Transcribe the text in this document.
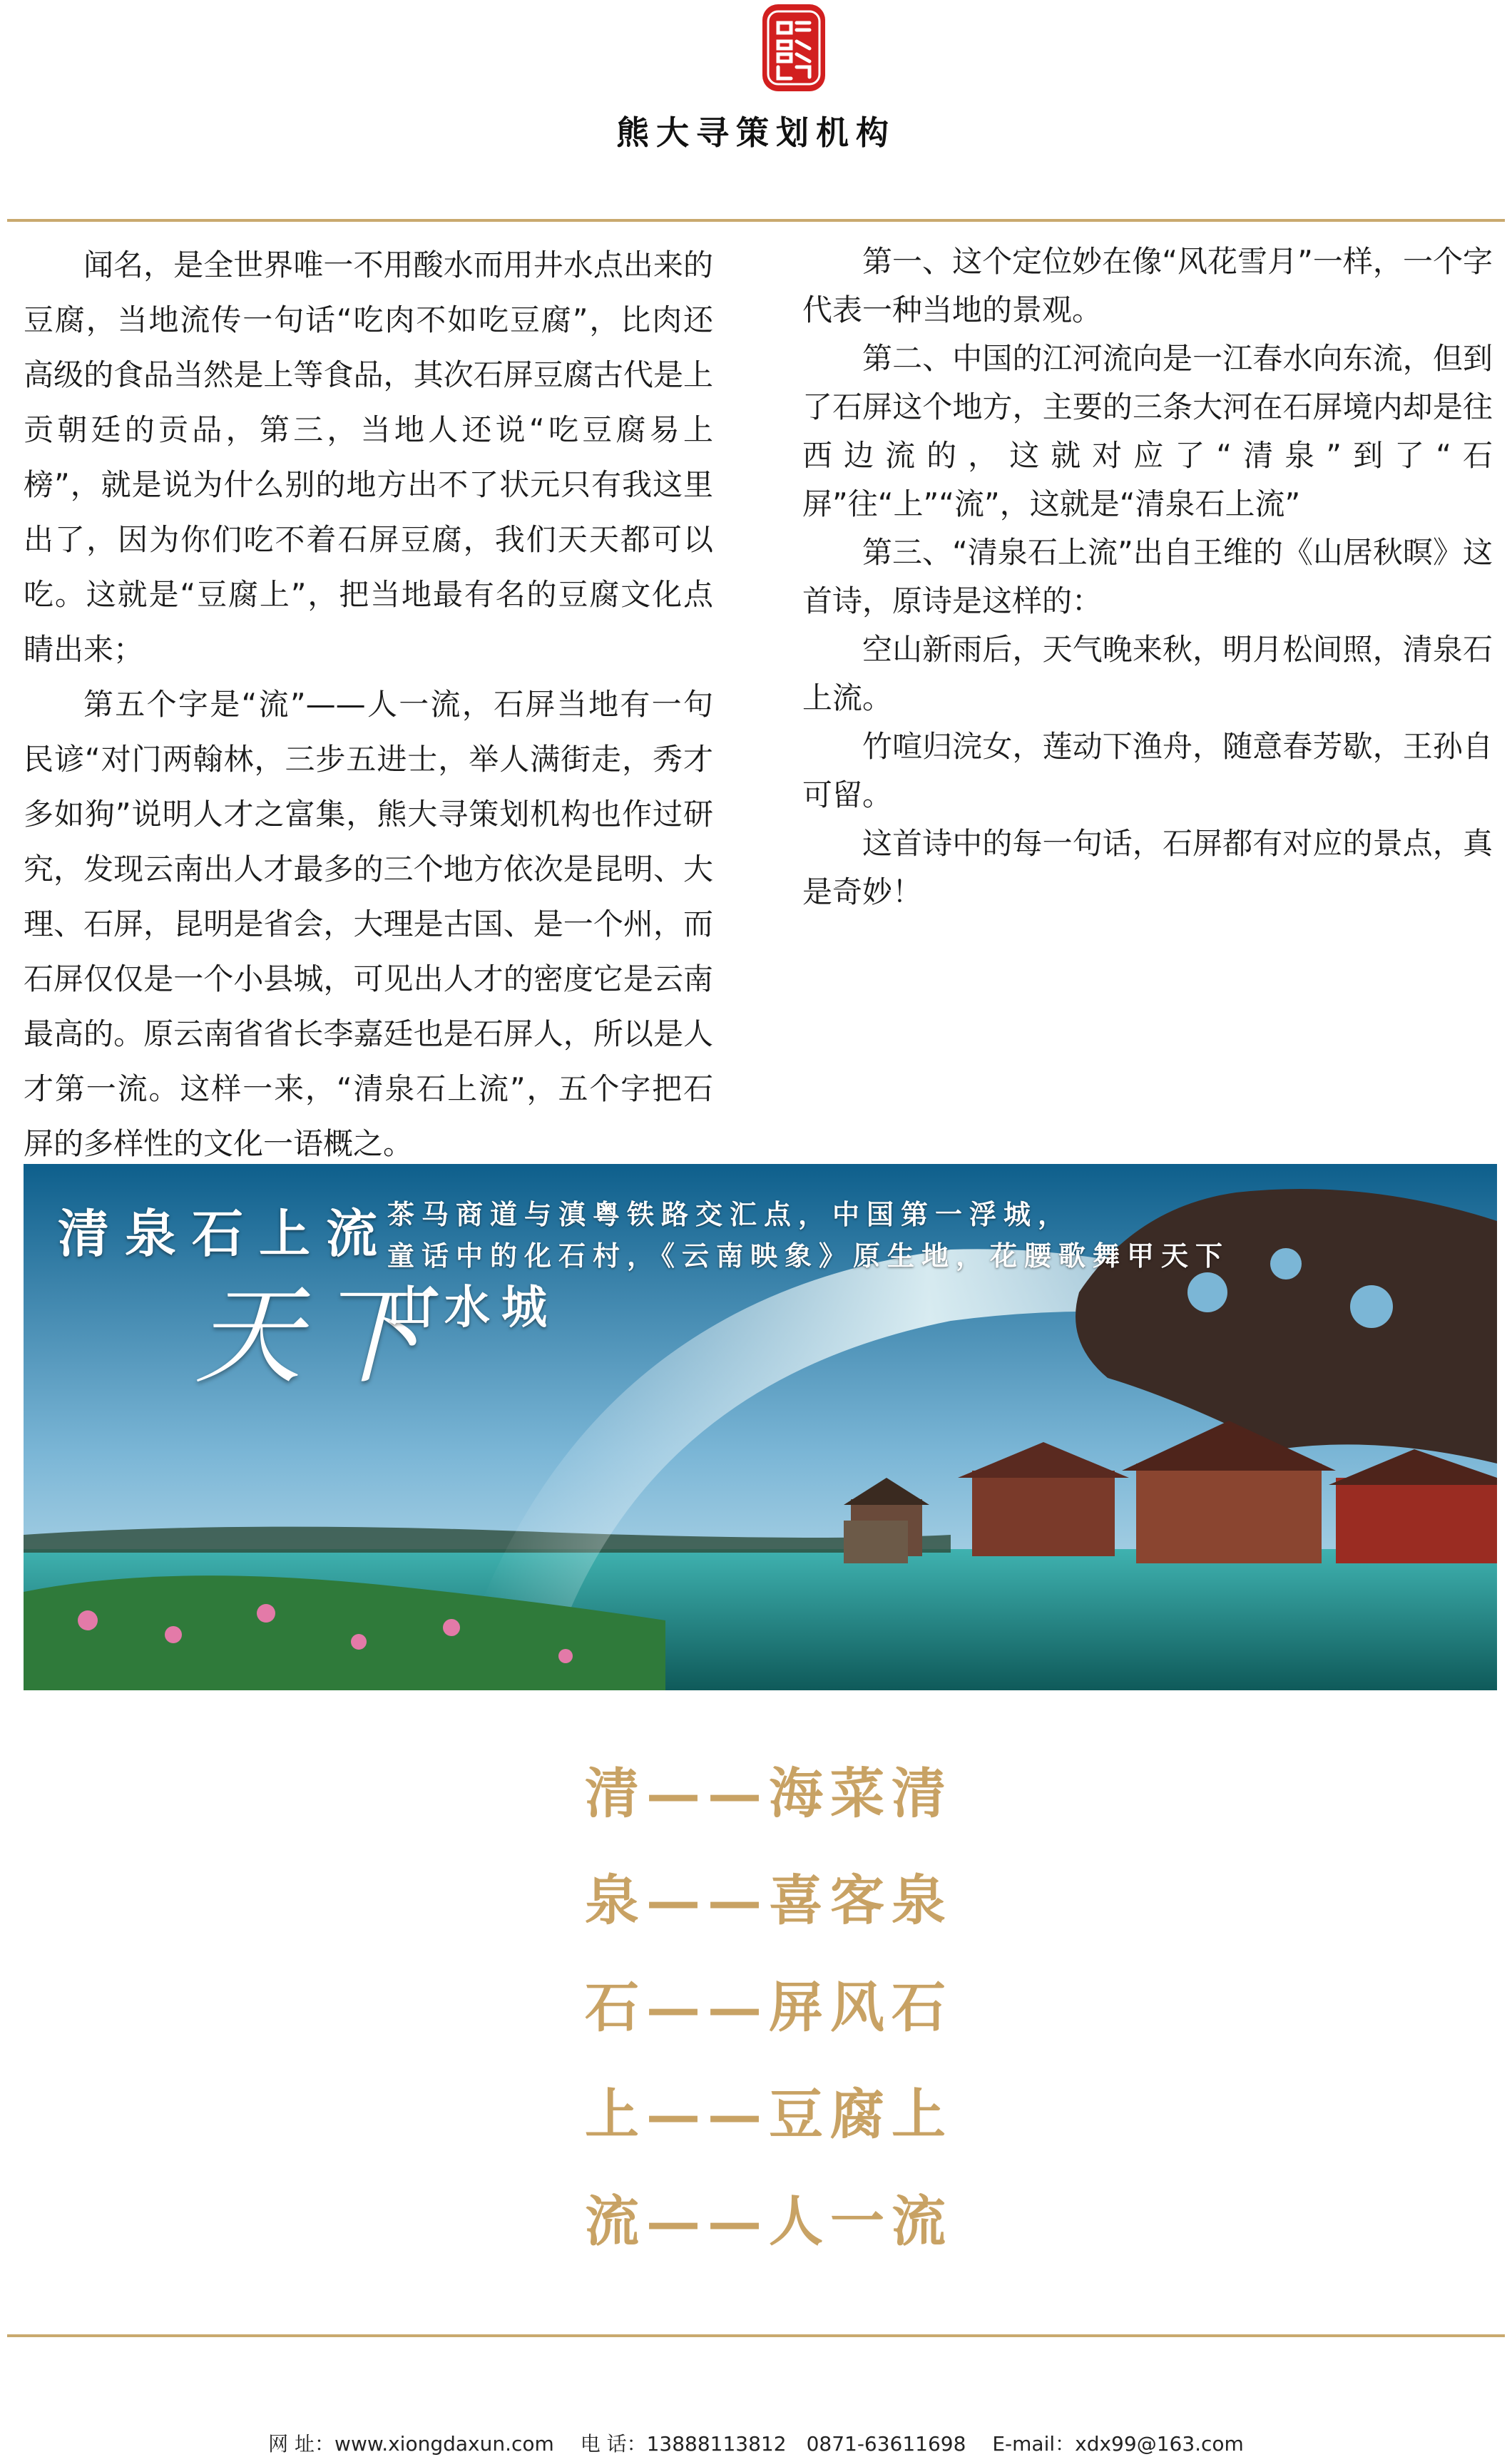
熊大寻策划机构

闻名，是全世界唯一不用酸水而用井水点出来的豆腐，当地流传一句话“吃肉不如吃豆腐”，比肉还高级的食品当然是上等食品，其次石屏豆腐古代是上贡朝廷的贡品，第三，当地人还说“吃豆腐易上榜”，就是说为什么别的地方出不了状元只有我这里出了，因为你们吃不着石屏豆腐，我们天天都可以吃。这就是“豆腐上”，把当地最有名的豆腐文化点睛出来；

第五个字是“流”——人一流，石屏当地有一句民谚“对门两翰林，三步五进士，举人满街走，秀才多如狗”说明人才之富集，熊大寻策划机构也作过研究，发现云南出人才最多的三个地方依次是昆明、大理、石屏，昆明是省会，大理是古国、是一个州，而石屏仅仅是一个小县城，可见出人才的密度它是云南最高的。原云南省省长李嘉廷也是石屏人，所以是人才第一流。这样一来，“清泉石上流”，五个字把石屏的多样性的文化一语概之。

第一、这个定位妙在像“风花雪月”一样，一个字代表一种当地的景观。

第二、中国的江河流向是一江春水向东流，但到了石屏这个地方，主要的三条大河在石屏境内却是往西边流的，这就对应了“清泉”到了“石屏”往“上”“流”，这就是“清泉石上流”

第三、“清泉石上流”出自王维的《山居秋暝》这首诗，原诗是这样的：

空山新雨后，天气晚来秋，明月松间照，清泉石上流。

竹喧归浣女，莲动下渔舟，随意春芳歇，王孙自可留。

这首诗中的每一句话，石屏都有对应的景点，真是奇妙！

清泉石上流
茶马商道与滇粤铁路交汇点，中国第一浮城，
童话中的化石村，《云南映象》原生地，花腰歌舞甲天下
天下
山水城
清——海菜清
泉——喜客泉
石——屏风石
上——豆腐上
流——人一流
网 址：www.xiongdaxun.com 电 话：13888113812　0871-63611698 E-mail：xdx99@163.com
